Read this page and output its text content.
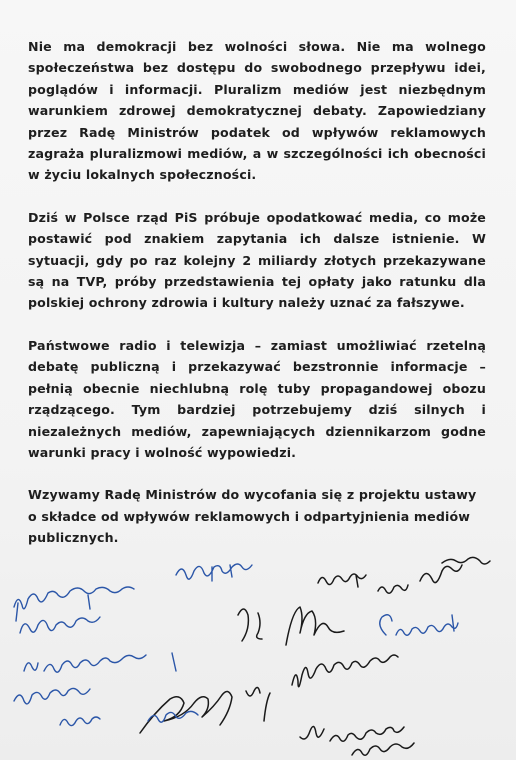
Nie ma demokracji bez wolności słowa. Nie ma wolnego społeczeństwa bez dostępu do swobodnego przepływu idei, poglądów i informacji. Pluralizm mediów jest niezbędnym warunkiem zdrowej demokratycznej debaty. Zapowiedziany przez Radę Ministrów podatek od wpływów reklamowych zagraża pluralizmowi mediów, a w szczególności ich obecności w życiu lokalnych społeczności.

Dziś w Polsce rząd PiS próbuje opodatkować media, co może postawić pod znakiem zapytania ich dalsze istnienie. W sytuacji, gdy po raz kolejny 2 miliardy złotych przekazywane są na TVP, próby przedstawienia tej opłaty jako ratunku dla polskiej ochrony zdrowia i kultury należy uznać za fałszywe.

Państwowe radio i telewizja – zamiast umożliwiać rzetelną debatę publiczną i przekazywać bezstronnie informacje – pełnią obecnie niechlubną rolę tuby propagandowej obozu rządzącego. Tym bardziej potrzebujemy dziś silnych i niezależnych mediów, zapewniających dziennikarzom godne warunki pracy i wolność wypowiedzi.

Wzywamy Radę Ministrów do wycofania się z projektu ustawy o składce od wpływów reklamowych i odpartyjnienia mediów publicznych.
